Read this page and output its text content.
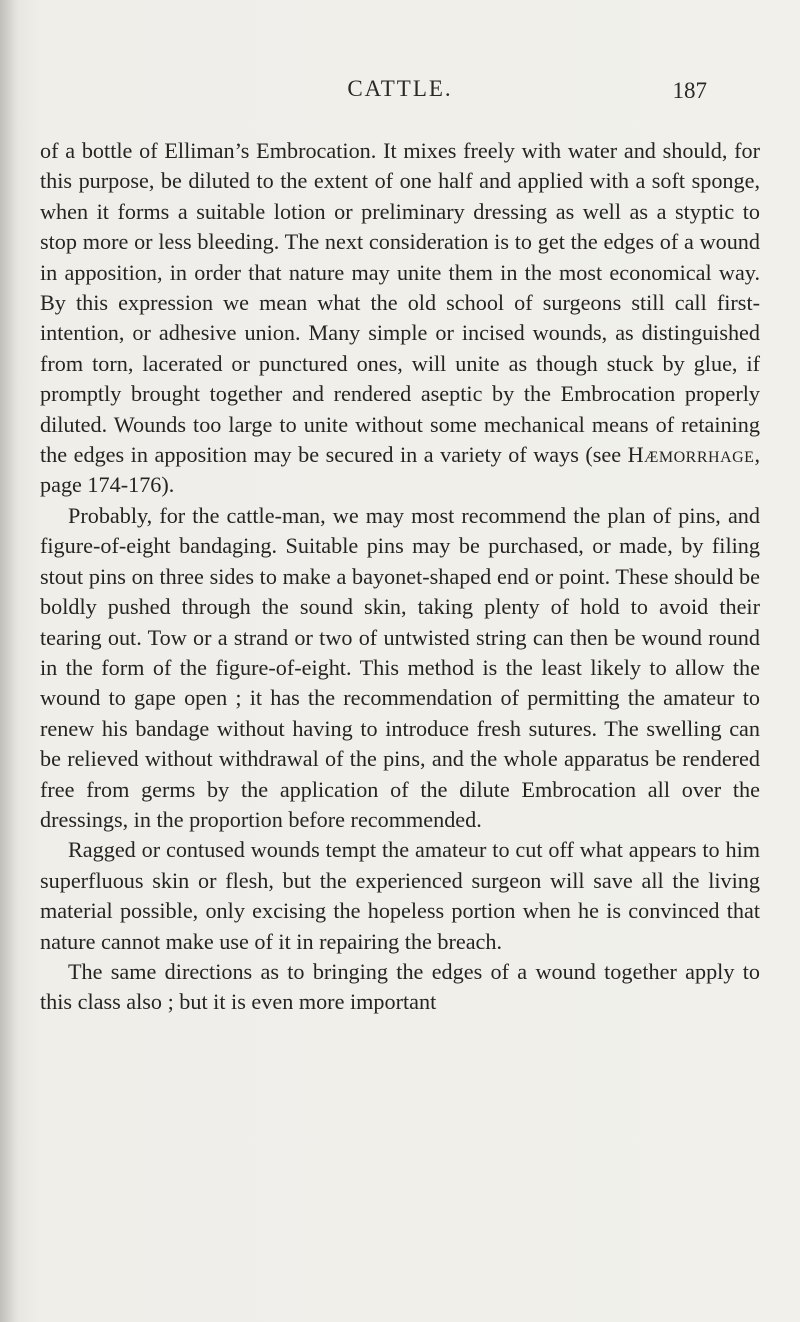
CATTLE.	187

of a bottle of Elliman’s Embrocation. It mixes freely with water and should, for this purpose, be diluted to the extent of one half and applied with a soft sponge, when it forms a suitable lotion or preliminary dressing as well as a styptic to stop more or less bleeding. The next consideration is to get the edges of a wound in apposition, in order that nature may unite them in the most economical way. By this expression we mean what the old school of surgeons still call first-intention, or adhesive union. Many simple or incised wounds, as distinguished from torn, lacerated or punctured ones, will unite as though stuck by glue, if promptly brought together and rendered aseptic by the Embrocation properly diluted. Wounds too large to unite without some mechanical means of retaining the edges in apposition may be secured in a variety of ways (see Hæmorrhage, page 174-176).

Probably, for the cattle-man, we may most recommend the plan of pins, and figure-of-eight bandaging. Suitable pins may be purchased, or made, by filing stout pins on three sides to make a bayonet-shaped end or point. These should be boldly pushed through the sound skin, taking plenty of hold to avoid their tearing out. Tow or a strand or two of untwisted string can then be wound round in the form of the figure-of-eight. This method is the least likely to allow the wound to gape open ; it has the recommendation of permitting the amateur to renew his bandage without having to introduce fresh sutures. The swelling can be relieved without withdrawal of the pins, and the whole apparatus be rendered free from germs by the application of the dilute Embrocation all over the dressings, in the proportion before recommended.

Ragged or contused wounds tempt the amateur to cut off what appears to him superfluous skin or flesh, but the experienced surgeon will save all the living material possible, only excising the hopeless portion when he is convinced that nature cannot make use of it in repairing the breach.

The same directions as to bringing the edges of a wound together apply to this class also ; but it is even more important
